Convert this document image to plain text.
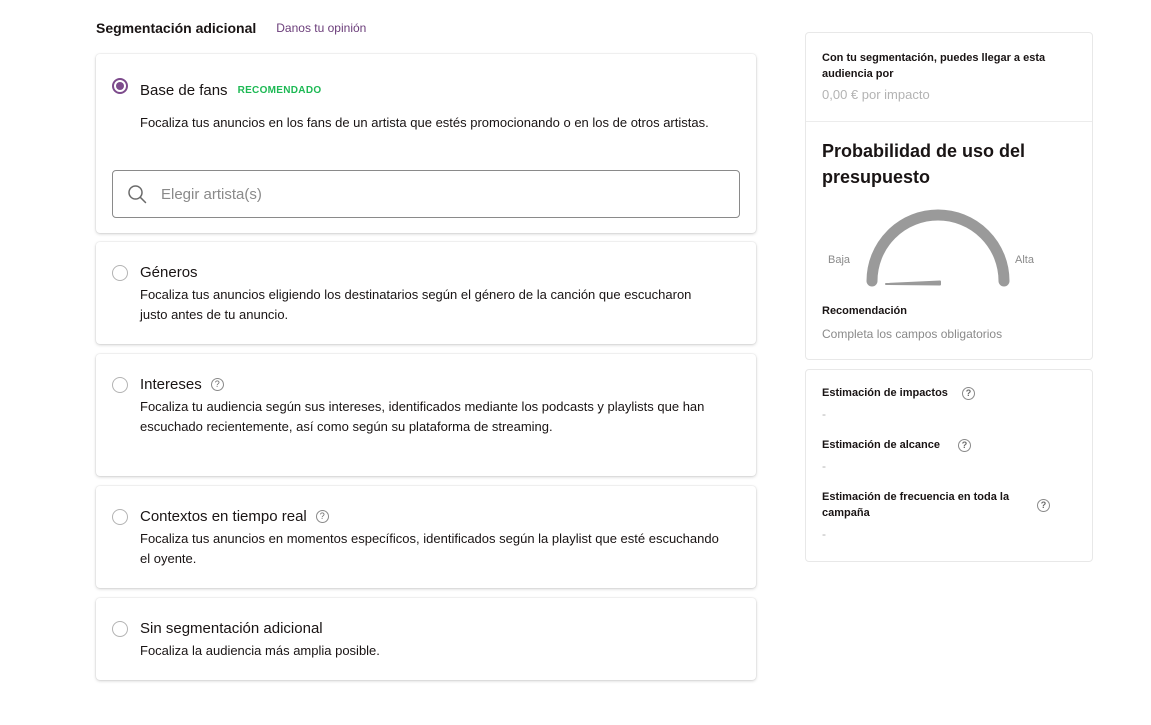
Segmentación adicional Danos tu opinión
Base de fans RECOMENDADO
Focaliza tus anuncios en los fans de un artista que estés promocionando o en los de otros artistas.
Elegir artista(s)
Géneros
Focaliza tus anuncios eligiendo los destinatarios según el género de la canción que escucharon justo antes de tu anuncio.
Intereses	?
Focaliza tu audiencia según sus intereses, identificados mediante los podcasts y playlists que han escuchado recientemente, así como según su plataforma de streaming.
Contextos en tiempo real	?
Focaliza tus anuncios en momentos específicos, identificados según la playlist que esté escuchando el oyente.
Sin segmentación adicional
Focaliza la audiencia más amplia posible.
Con tu segmentación, puedes llegar a esta audiencia por
0,00 € por impacto
Probabilidad de uso del presupuesto
Baja	Alta
Recomendación
Completa los campos obligatorios
Estimación de impactos	?
-
Estimación de alcance	?
-
Estimación de frecuencia en toda la campaña
?
-
